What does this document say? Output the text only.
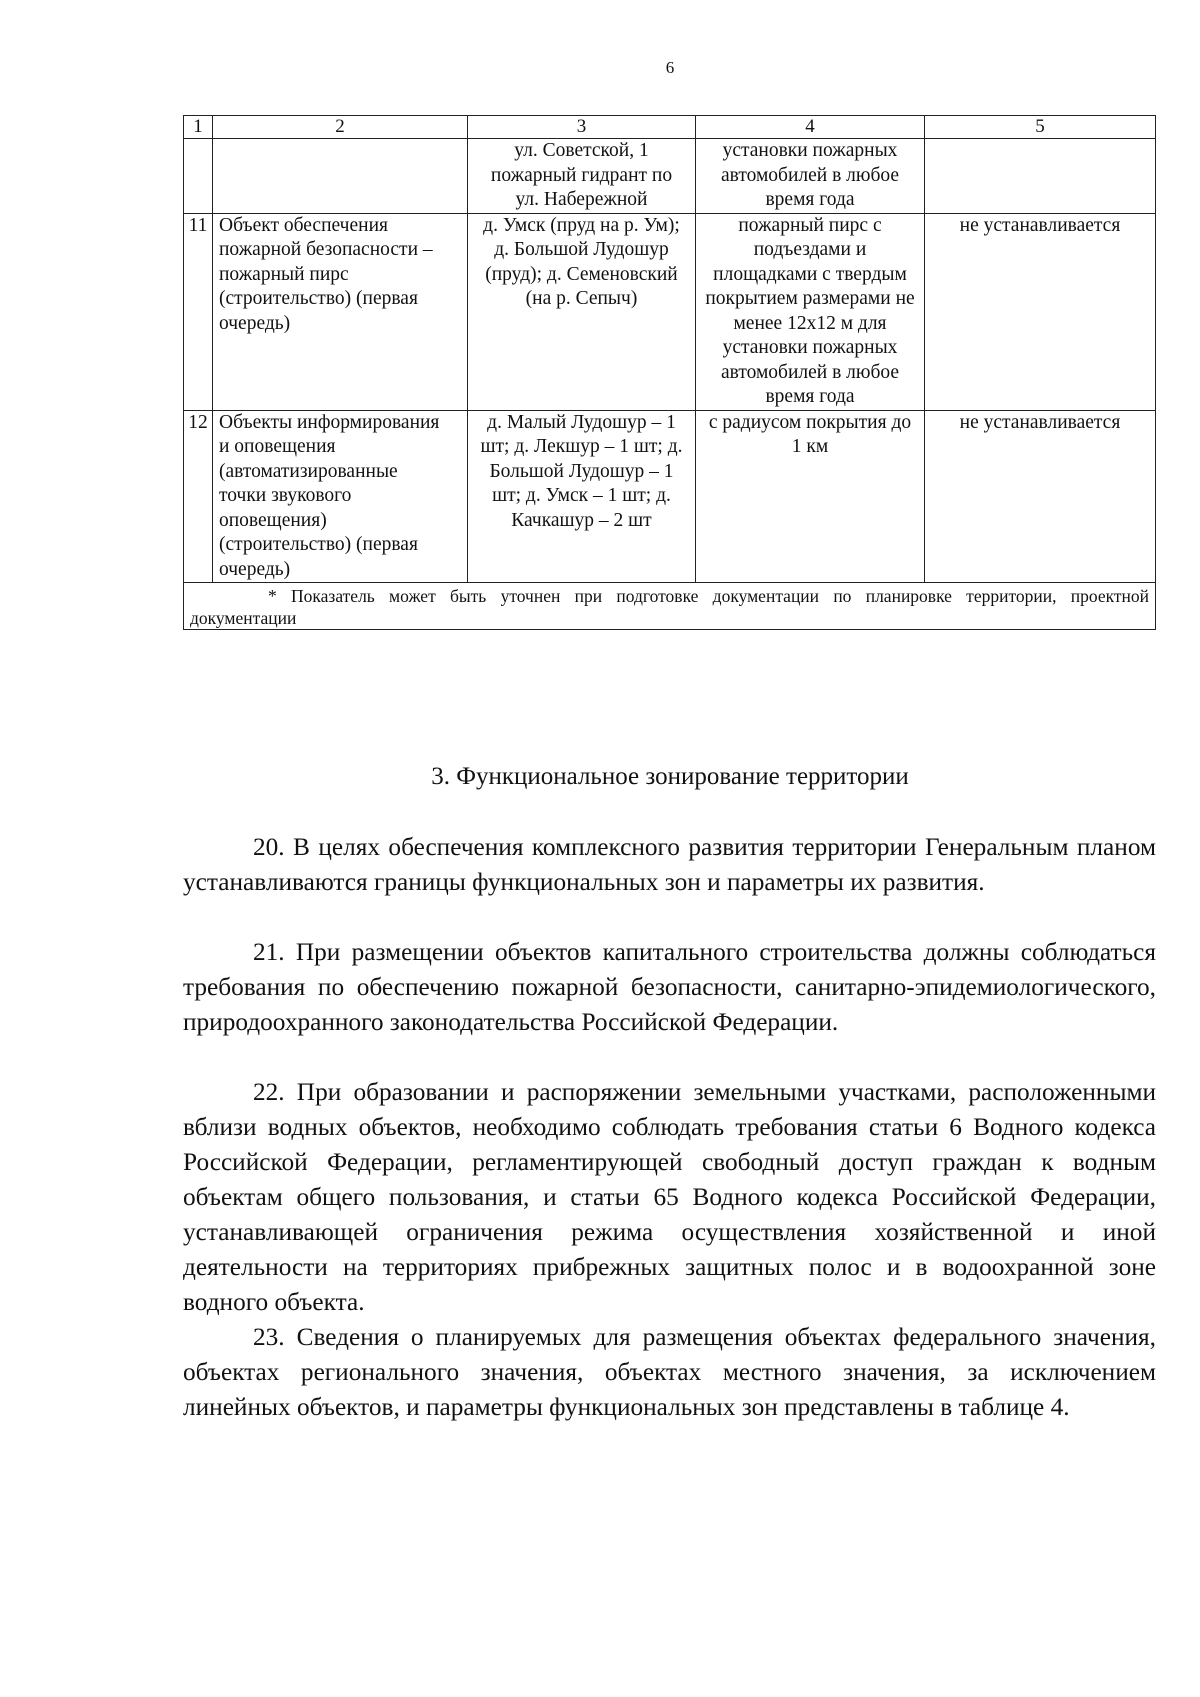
6
1	2	3	4	5
		ул. Советской, 1 пожарный гидрант по ул. Набережной	установки пожарных автомобилей в любое время года	
11	Объект обеспечения пожарной безопасности – пожарный пирс (строительство) (первая очередь)	д. Умск (пруд на р. Ум); д. Большой Лудошур (пруд); д. Семеновский (на р. Сепыч)	пожарный пирс с подъездами и площадками с твердым покрытием размерами не менее 12х12 м для установки пожарных автомобилей в любое время года	не устанавливается
12	Объекты информирования и оповещения (автоматизированные точки звукового оповещения) (строительство) (первая очередь)	д. Малый Лудошур – 1 шт; д. Лекшур – 1 шт; д. Большой Лудошур – 1 шт; д. Умск – 1 шт; д. Качкашур – 2 шт	с радиусом покрытия до 1 км	не устанавливается
* Показатель может быть уточнен при подготовке документации по планировке территории, проектной документации				
3. Функциональное зонирование территории
20. В целях обеспечения комплексного развития территории Генеральным планом устанавливаются границы функциональных зон и параметры их развития.
21. При размещении объектов капитального строительства должны соблюдаться требования по обеспечению пожарной безопасности, санитарно-эпидемиологического, природоохранного законодательства Российской Федерации.
22. При образовании и распоряжении земельными участками, расположенными вблизи водных объектов, необходимо соблюдать требования статьи 6 Водного кодекса Российской Федерации, регламентирующей свободный доступ граждан к водным объектам общего пользования, и статьи 65 Водного кодекса Российской Федерации, устанавливающей ограничения режима осуществления хозяйственной и иной деятельности на территориях прибрежных защитных полос и в водоохранной зоне водного объекта.
23. Сведения о планируемых для размещения объектах федерального значения, объектах регионального значения, объектах местного значения, за исключением линейных объектов, и параметры функциональных зон представлены в таблице 4.
